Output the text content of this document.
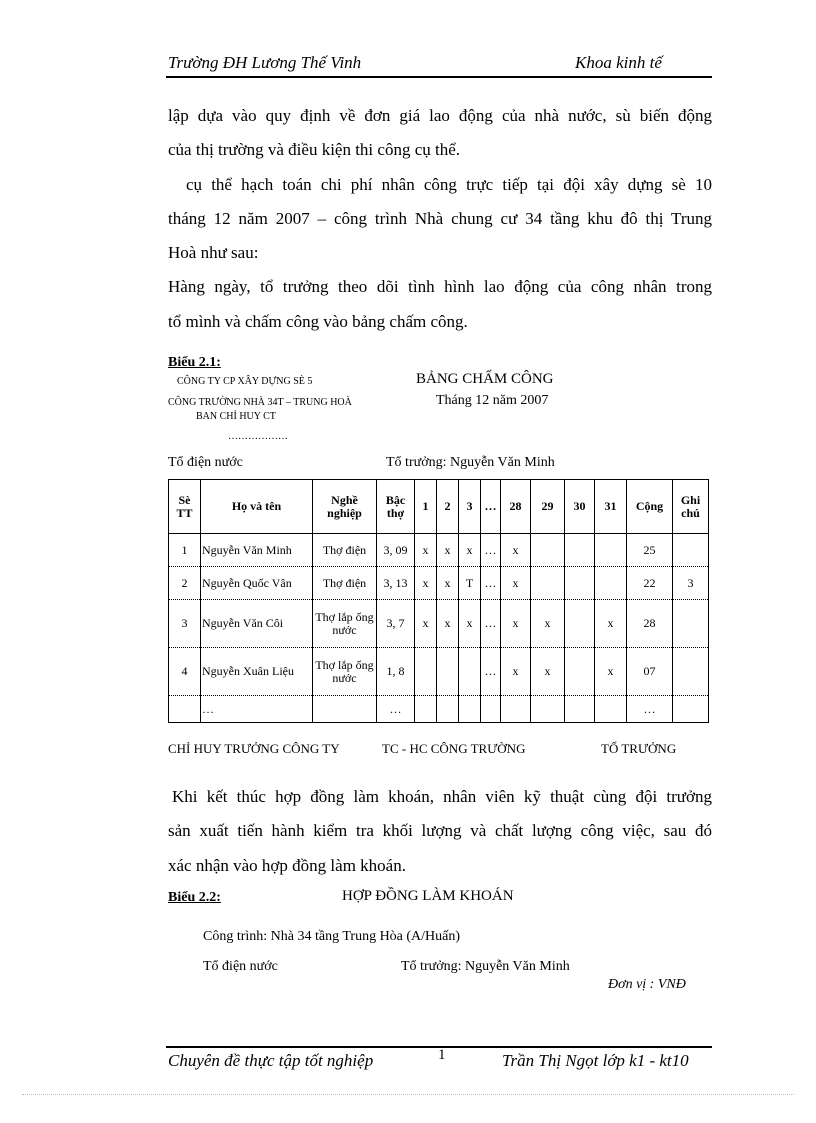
Trường ĐH Lương Thế Vinh	Khoa kinh tế
lập dựa vào quy định về đơn giá lao động của nhà nước, sù biến động
của thị trường và điều kiện thi công cụ thể.
cụ thể hạch toán chi phí nhân công trực tiếp tại đội xây dựng sè 10
tháng 12 năm 2007 – công trình Nhà chung cư 34 tầng khu đô thị Trung
Hoà như sau:
Hàng ngày, tổ trưởng theo dõi tình hình lao động của công nhân trong
tổ mình và chấm công vào bảng chấm công.
Biểu 2.1:
CÔNG TY CP XÂY DỰNG SÈ 5
CÔNG TRƯỜNG NHÀ 34T – TRUNG HOÀ
BAN CHỈ HUY CT
………………
BẢNG CHẤM CÔNG
Tháng 12 năm 2007
Tổ điện nước	Tổ trưởng: Nguyễn Văn Minh
Sè TT	Họ và tên	Nghề nghiệp	Bậc thợ	1	2	3	…	28	29	30	31	Cộng	Ghi chú
1	Nguyễn Văn Minh	Thợ điện	3, 09	x	x	x	…	x				25	
2	Nguyễn Quốc Vân	Thợ điện	3, 13	x	x	T	…	x				22	3
3	Nguyễn Văn Côi	Thợ lắp ống nước	3, 7	x	x	x	…	x	x		x	28	
4	Nguyễn Xuân Liệu	Thợ lắp ống nước	1, 8				…	x	x		x	07	
	…		…									…	
CHỈ HUY TRƯỞNG CÔNG TY	TC - HC CÔNG TRƯỜNG	TỔ TRƯỞNG
Khi kết thúc hợp đồng làm khoán, nhân viên kỹ thuật cùng đội trưởng
sản xuất tiến hành kiểm tra khối lượng và chất lượng công việc, sau đó
xác nhận vào hợp đồng làm khoán.
Biểu 2.2:	HỢP ĐỒNG LÀM KHOÁN
Công trình: Nhà 34 tầng Trung Hòa (A/Huấn)
Tổ điện nước	Tổ trưởng: Nguyễn Văn Minh
Đơn vị : VNĐ
Chuyên đề thực tập tốt nghiệp	1	Trần Thị Ngọt lớp k1 - kt10
